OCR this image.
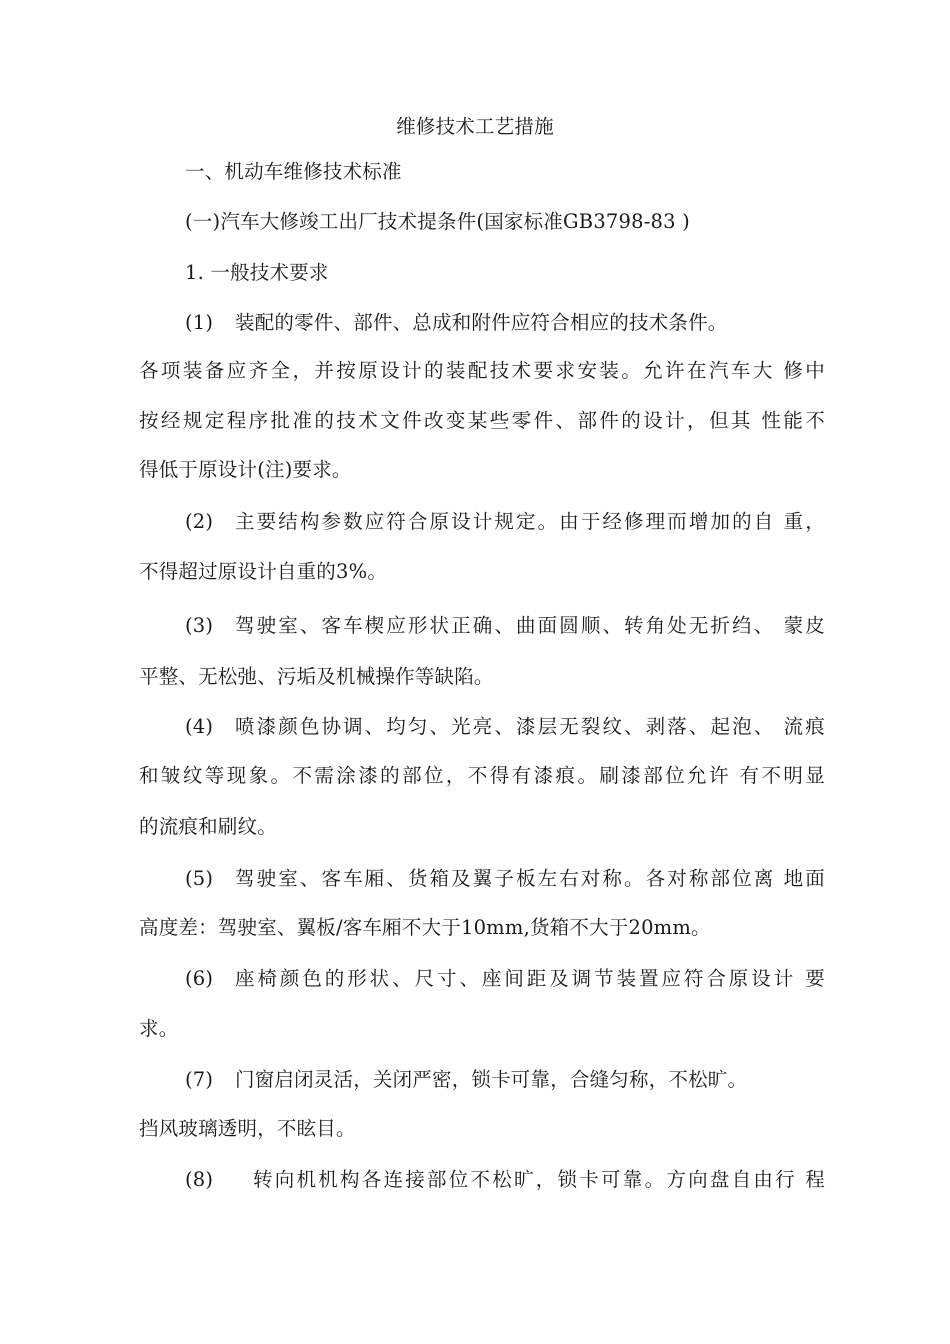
维修技术工艺措施
一、机动车维修技术标准
(一)汽车大修竣工出厂技术提条件(国家标准GB3798-83 )
1. 一般技术要求
(1)	装配的零件、部件、总成和附件应符合相应的技术条件。
各项装备应齐全，并按原设计的装配技术要求安装。允许在汽车大 修中
按经规定程序批准的技术文件改变某些零件、部件的设计，但其 性能不
得低于原设计(注)要求。
(2)	主要结构参数应符合原设计规定。由于经修理而增加的自 重，
不得超过原设计自重的3%。
(3)	驾驶室、客车楔应形状正确、曲面圆顺、转角处无折绉、 蒙皮
平整、无松弛、污垢及机械操作等缺陷。
(4)	喷漆颜色协调、均匀、光亮、漆层无裂纹、剥落、起泡、 流痕
和皱纹等现象。不需涂漆的部位，不得有漆痕。刷漆部位允许 有不明显
的流痕和刷纹。
(5)	驾驶室、客车厢、货箱及翼子板左右对称。各对称部位离 地面
高度差：驾驶室、翼板/客车厢不大于10mm,货箱不大于20mm。
(6)	座椅颜色的形状、尺寸、座间距及调节装置应符合原设计 要
求。
(7)	门窗启闭灵活，关闭严密，锁卡可靠，合缝匀称，不松旷。
挡风玻璃透明，不眩目。
(8)	转向机机构各连接部位不松旷，锁卡可靠。方向盘自由行 程
